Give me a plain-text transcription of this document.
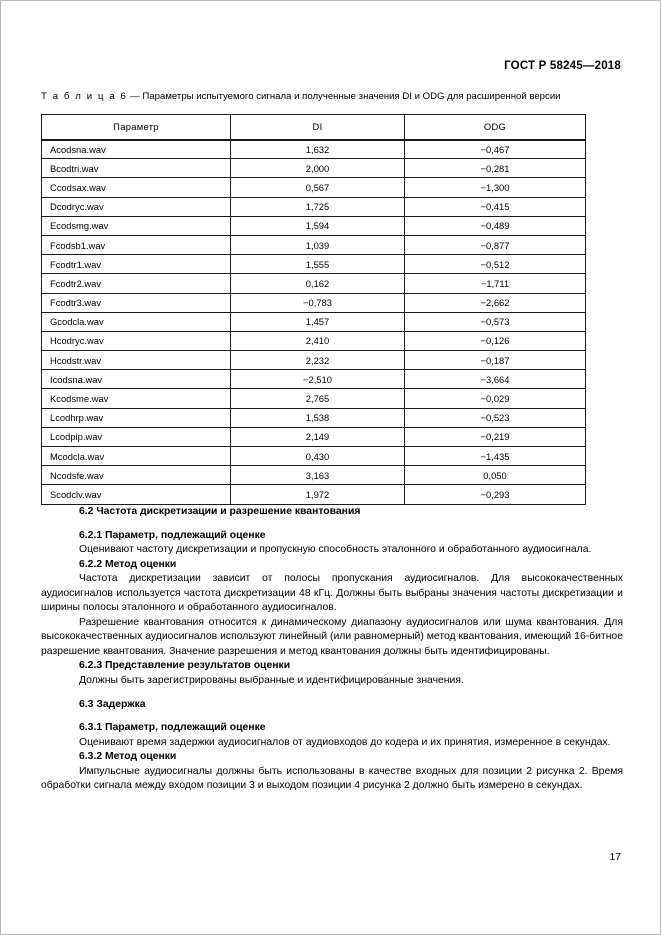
ГОСТ Р 58245—2018
Т а б л и ц а 6 — Параметры испытуемого сигнала и полученные значения DI и ODG для расширенной версии
Параметр	DI	ODG
Acodsna.wav	1,632	−0,467
Bcodtri.wav	2,000	−0,281
Ccodsax.wav	0,567	−1,300
Dcodryc.wav	1,725	−0,415
Ecodsmg.wav	1,594	−0,489
Fcodsb1.wav	1,039	−0,877
Fcodtr1.wav	1,555	−0,512
Fcodtr2.wav	0,162	−1,711
Fcodtr3.wav	−0,783	−2,662
Gcodcla.wav	1,457	−0,573
Hcodryc.wav	2,410	−0,126
Hcodstr.wav	2,232	−0,187
Icodsna.wav	−2,510	−3,664
Kcodsme.wav	2,765	−0,029
Lcodhrp.wav	1,538	−0,523
Lcodpip.wav	2,149	−0,219
Mcodcla.wav	0,430	−1,435
Ncodsfe.wav	3,163	0,050
Scodclv.wav	1,972	−0,293
6.2 Частота дискретизации и разрешение квантования
6.2.1 Параметр, подлежащий оценке

Оценивают частоту дискретизации и пропускную способность эталонного и обработанного аудиосигнала.

6.2.2 Метод оценки

Частота дискретизации зависит от полосы пропускания аудиосигналов. Для высококачественных аудиосигналов используется частота дискретизации 48 кГц. Должны быть выбраны значения частоты дискретизации и ширины полосы эталонного и обработанного аудиосигналов.

Разрешение квантования относится к динамическому диапазону аудиосигналов или шума квантования. Для высококачественных аудиосигналов используют линейный (или равномерный) метод квантования, имеющий 16-битное разрешение квантования. Значение разрешения и метод квантования должны быть идентифицированы.

6.2.3 Представление результатов оценки

Должны быть зарегистрированы выбранные и идентифицированные значения.

6.3 Задержка
6.3.1 Параметр, подлежащий оценке

Оценивают время задержки аудиосигналов от аудиовходов до кодера и их принятия, измеренное в секундах.

6.3.2 Метод оценки

Импульсные аудиосигналы должны быть использованы в качестве входных для позиции 2 рисунка 2. Время обработки сигнала между входом позиции 3 и выходом позиции 4 рисунка 2 должно быть измерено в секундах.

17
